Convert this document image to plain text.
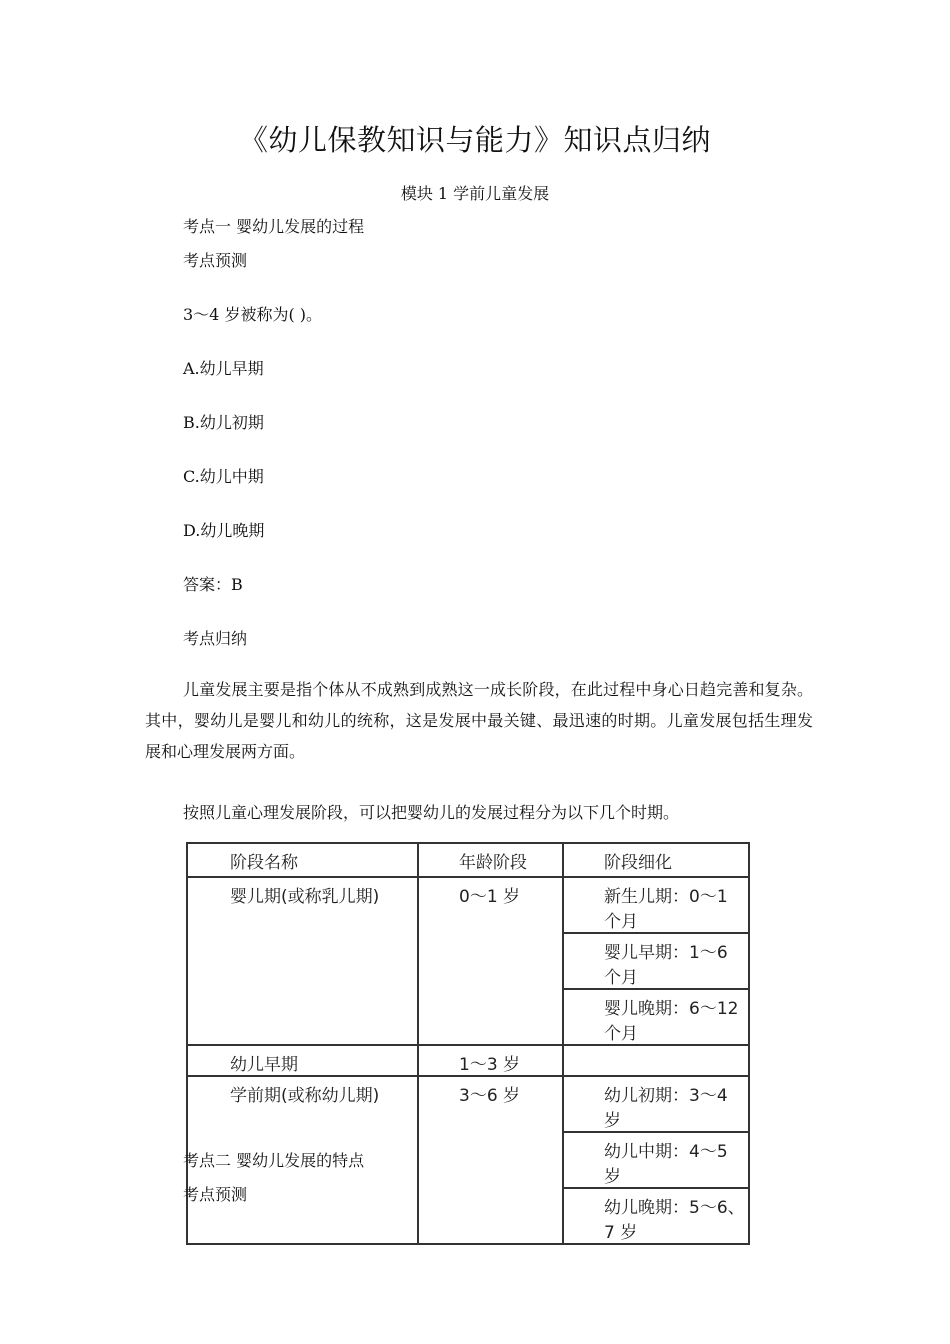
《幼儿保教知识与能力》知识点归纳
模块 1 学前儿童发展
考点一 婴幼儿发展的过程
考点预测
3～4 岁被称为( )。
A.幼儿早期
B.幼儿初期
C.幼儿中期
D.幼儿晚期
答案：B
考点归纳
儿童发展主要是指个体从不成熟到成熟这一成长阶段，在此过程中身心日趋完善和复杂。其中，婴幼儿是婴儿和幼儿的统称，这是发展中最关键、最迅速的时期。儿童发展包括生理发展和心理发展两方面。
按照儿童心理发展阶段，可以把婴幼儿的发展过程分为以下几个时期。
阶段名称	年龄阶段	阶段细化
婴儿期(或称乳儿期)	0～1 岁	新生儿期：0～1 个月
		婴儿早期：1～6 个月
		婴儿晚期：6～12 个月
幼儿早期	1～3 岁	
学前期(或称幼儿期)	3～6 岁	幼儿初期：3～4 岁
		幼儿中期：4～5 岁
		幼儿晚期：5～6、7 岁
考点二 婴幼儿发展的特点
考点预测
